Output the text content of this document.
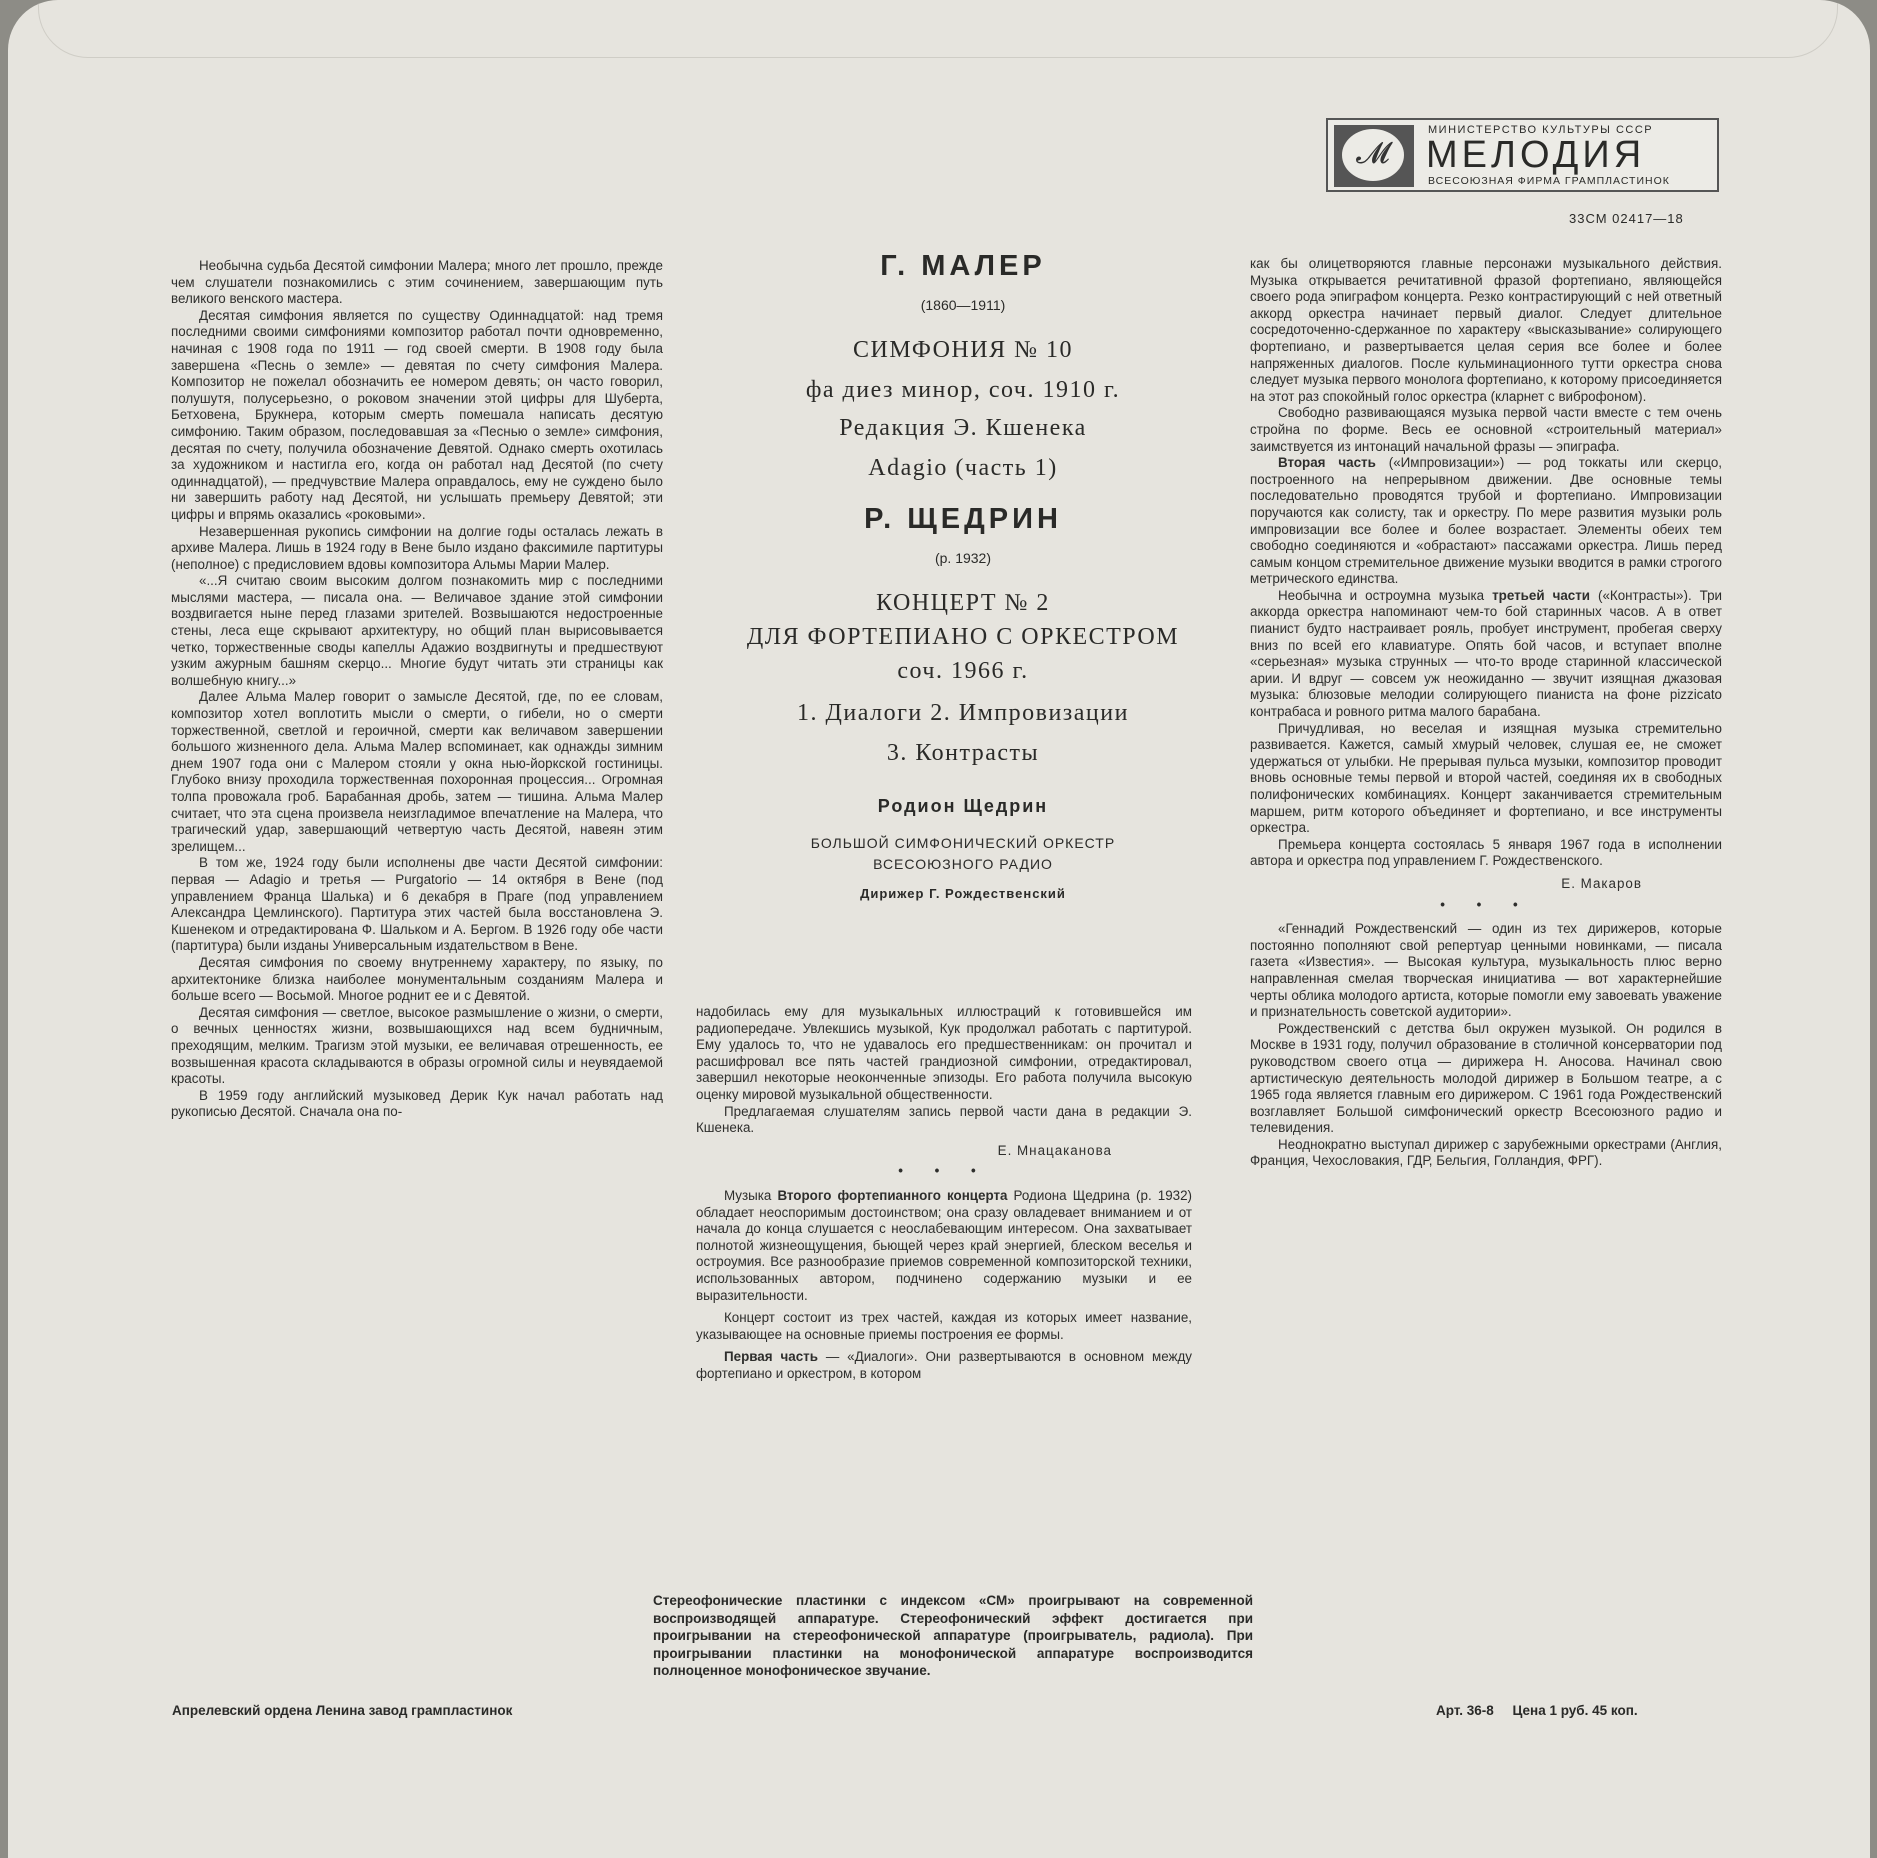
𝓜
МИНИСТЕРСТВО КУЛЬТУРЫ СССР
МЕЛОДИЯ
ВСЕСОЮЗНАЯ ФИРМА ГРАМПЛАСТИНОК
33СМ 02417—18

Необычна судьба Десятой симфонии Малера; много лет прошло, прежде чем слушатели познакомились с этим сочинением, завершающим путь великого венского мастера.

Десятая симфония является по существу Одиннадцатой: над тремя последними своими симфониями композитор работал почти одновременно, начиная с 1908 года по 1911 — год своей смерти. В 1908 году была завершена «Песнь о земле» — девятая по счету симфония Малера. Композитор не пожелал обозначить ее номером девять; он часто говорил, полушутя, полусерьезно, о роковом значении этой цифры для Шуберта, Бетховена, Брукнера, которым смерть помешала написать десятую симфонию. Таким образом, последовавшая за «Песнью о земле» симфония, десятая по счету, получила обозначение Девятой. Однако смерть охотилась за художником и настигла его, когда он работал над Десятой (по счету одиннадцатой), — предчувствие Малера оправдалось, ему не суждено было ни завершить работу над Десятой, ни услышать премьеру Девятой; эти цифры и впрямь оказались «роковыми».

Незавершенная рукопись симфонии на долгие годы осталась лежать в архиве Малера. Лишь в 1924 году в Вене было издано факсимиле партитуры (неполное) с предисловием вдовы композитора Альмы Марии Малер.

«...Я считаю своим высоким долгом познакомить мир с последними мыслями мастера, — писала она. — Величавое здание этой симфонии воздвигается ныне перед глазами зрителей. Возвышаются недостроенные стены, леса еще скрывают архитектуру, но общий план вырисовывается четко, торжественные своды капеллы Адажио воздвигнуты и предшествуют узким ажурным башням скерцо... Многие будут читать эти страницы как волшебную книгу...»

Далее Альма Малер говорит о замысле Десятой, где, по ее словам, композитор хотел воплотить мысли о смерти, о гибели, но о смерти торжественной, светлой и героичной, смерти как величавом завершении большого жизненного дела. Альма Малер вспоминает, как однажды зимним днем 1907 года они с Малером стояли у окна нью-йоркской гостиницы. Глубоко внизу проходила торжественная похоронная процессия... Огромная толпа провожала гроб. Барабанная дробь, затем — тишина. Альма Малер считает, что эта сцена произвела неизгладимое впечатление на Малера, что трагический удар, завершающий четвертую часть Десятой, навеян этим зрелищем...

В том же, 1924 году были исполнены две части Десятой симфонии: первая — Adagio и третья — Purgatorio — 14 октября в Вене (под управлением Франца Шалька) и 6 декабря в Праге (под управлением Александра Цемлинского). Партитура этих частей была восстановлена Э. Кшенеком и отредактирована Ф. Шальком и А. Бергом. В 1926 году обе части (партитура) были изданы Универсальным издательством в Вене.

Десятая симфония по своему внутреннему характеру, по языку, по архитектонике близка наиболее монументальным созданиям Малера и больше всего — Восьмой. Многое роднит ее и с Девятой.

Десятая симфония — светлое, высокое размышление о жизни, о смерти, о вечных ценностях жизни, возвышающихся над всем будничным, преходящим, мелким. Трагизм этой музыки, ее величавая отрешенность, ее возвышенная красота складываются в образы огромной силы и неувядаемой красоты.

В 1959 году английский музыковед Дерик Кук начал работать над рукописью Десятой. Сначала она по-

Г. МАЛЕР
(1860—1911)
СИМФОНИЯ № 10
фа диез минор, соч. 1910 г.
Редакция Э. Кшенека
Adagio (часть 1)
Р. ЩЕДРИН
(р. 1932)
КОНЦЕРТ № 2
ДЛЯ ФОРТЕПИАНО С ОРКЕСТРОМ
соч. 1966 г.
1. Диалоги 2. Импровизации
3. Контрасты
Родион Щедрин
БОЛЬШОЙ СИМФОНИЧЕСКИЙ ОРКЕСТР
ВСЕСОЮЗНОГО РАДИО
Дирижер Г. Рождественский

надобилась ему для музыкальных иллюстраций к готовившейся им радиопередаче. Увлекшись музыкой, Кук продолжал работать с партитурой. Ему удалось то, что не удавалось его предшественникам: он прочитал и расшифровал все пять частей грандиозной симфонии, отредактировал, завершил некоторые неоконченные эпизоды. Его работа получила высокую оценку мировой музыкальной общественности.

Предлагаемая слушателям запись первой части дана в редакции Э. Кшенека.

Е. Мнацаканова
• • •

Музыка Второго фортепианного концерта Родиона Щедрина (р. 1932) обладает неоспоримым достоинством; она сразу овладевает вниманием и от начала до конца слушается с неослабевающим интересом. Она захватывает полнотой жизнеощущения, бьющей через край энергией, блеском веселья и остроумия. Все разнообразие приемов современной композиторской техники, использованных автором, подчинено содержанию музыки и ее выразительности.

Концерт состоит из трех частей, каждая из которых имеет название, указывающее на основные приемы построения ее формы.

Первая часть — «Диалоги». Они развертываются в основном между фортепиано и оркестром, в котором

как бы олицетворяются главные персонажи музыкального действия. Музыка открывается речитативной фразой фортепиано, являющейся своего рода эпиграфом концерта. Резко контрастирующий с ней ответный аккорд оркестра начинает первый диалог. Следует длительное сосредоточенно-сдержанное по характеру «высказывание» солирующего фортепиано, и развертывается целая серия все более и более напряженных диалогов. После кульминационного тутти оркестра снова следует музыка первого монолога фортепиано, к которому присоединяется на этот раз спокойный голос оркестра (кларнет с виброфоном).

Свободно развивающаяся музыка первой части вместе с тем очень стройна по форме. Весь ее основной «строительный материал» заимствуется из интонаций начальной фразы — эпиграфа.

Вторая часть («Импровизации») — род токкаты или скерцо, построенного на непрерывном движении. Две основные темы последовательно проводятся трубой и фортепиано. Импровизации поручаются как солисту, так и оркестру. По мере развития музыки роль импровизации все более и более возрастает. Элементы обеих тем свободно соединяются и «обрастают» пассажами оркестра. Лишь перед самым концом стремительное движение музыки вводится в рамки строгого метрического единства.

Необычна и остроумна музыка третьей части («Контрасты»). Три аккорда оркестра напоминают чем-то бой старинных часов. А в ответ пианист будто настраивает рояль, пробует инструмент, пробегая сверху вниз по всей его клавиатуре. Опять бой часов, и вступает вполне «серьезная» музыка струнных — что-то вроде старинной классической арии. И вдруг — совсем уж неожиданно — звучит изящная джазовая музыка: блюзовые мелодии солирующего пианиста на фоне pizzicato контрабаса и ровного ритма малого барабана.

Причудливая, но веселая и изящная музыка стремительно развивается. Кажется, самый хмурый человек, слушая ее, не сможет удержаться от улыбки. Не прерывая пульса музыки, композитор проводит вновь основные темы первой и второй частей, соединяя их в свободных полифонических комбинациях. Концерт заканчивается стремительным маршем, ритм которого объединяет и фортепиано, и все инструменты оркестра.

Премьера концерта состоялась 5 января 1967 года в исполнении автора и оркестра под управлением Г. Рождественского.

Е. Макаров
• • •

«Геннадий Рождественский — один из тех дирижеров, которые постоянно пополняют свой репертуар ценными новинками, — писала газета «Известия». — Высокая культура, музыкальность плюс верно направленная смелая творческая инициатива — вот характернейшие черты облика молодого артиста, которые помогли ему завоевать уважение и признательность советской аудитории».

Рождественский с детства был окружен музыкой. Он родился в Москве в 1931 году, получил образование в столичной консерватории под руководством своего отца — дирижера Н. Аносова. Начинал свою артистическую деятельность молодой дирижер в Большом театре, а с 1965 года является главным его дирижером. С 1961 года Рождественский возглавляет Большой симфонический оркестр Всесоюзного радио и телевидения.

Неоднократно выступал дирижер с зарубежными оркестрами (Англия, Франция, Чехословакия, ГДР, Бельгия, Голландия, ФРГ).

Стереофонические пластинки с индексом «СМ» проигрывают на современной воспроизводящей аппаратуре. Стереофонический эффект достигается при проигрывании на стереофонической аппаратуре (проигрыватель, радиола). При проигрывании пластинки на монофонической аппаратуре воспроизводится полноценное монофоническое звучание.
Апрелевский ордена Ленина завод грампластинок	Арт. 36-8     Цена 1 руб. 45 коп.
